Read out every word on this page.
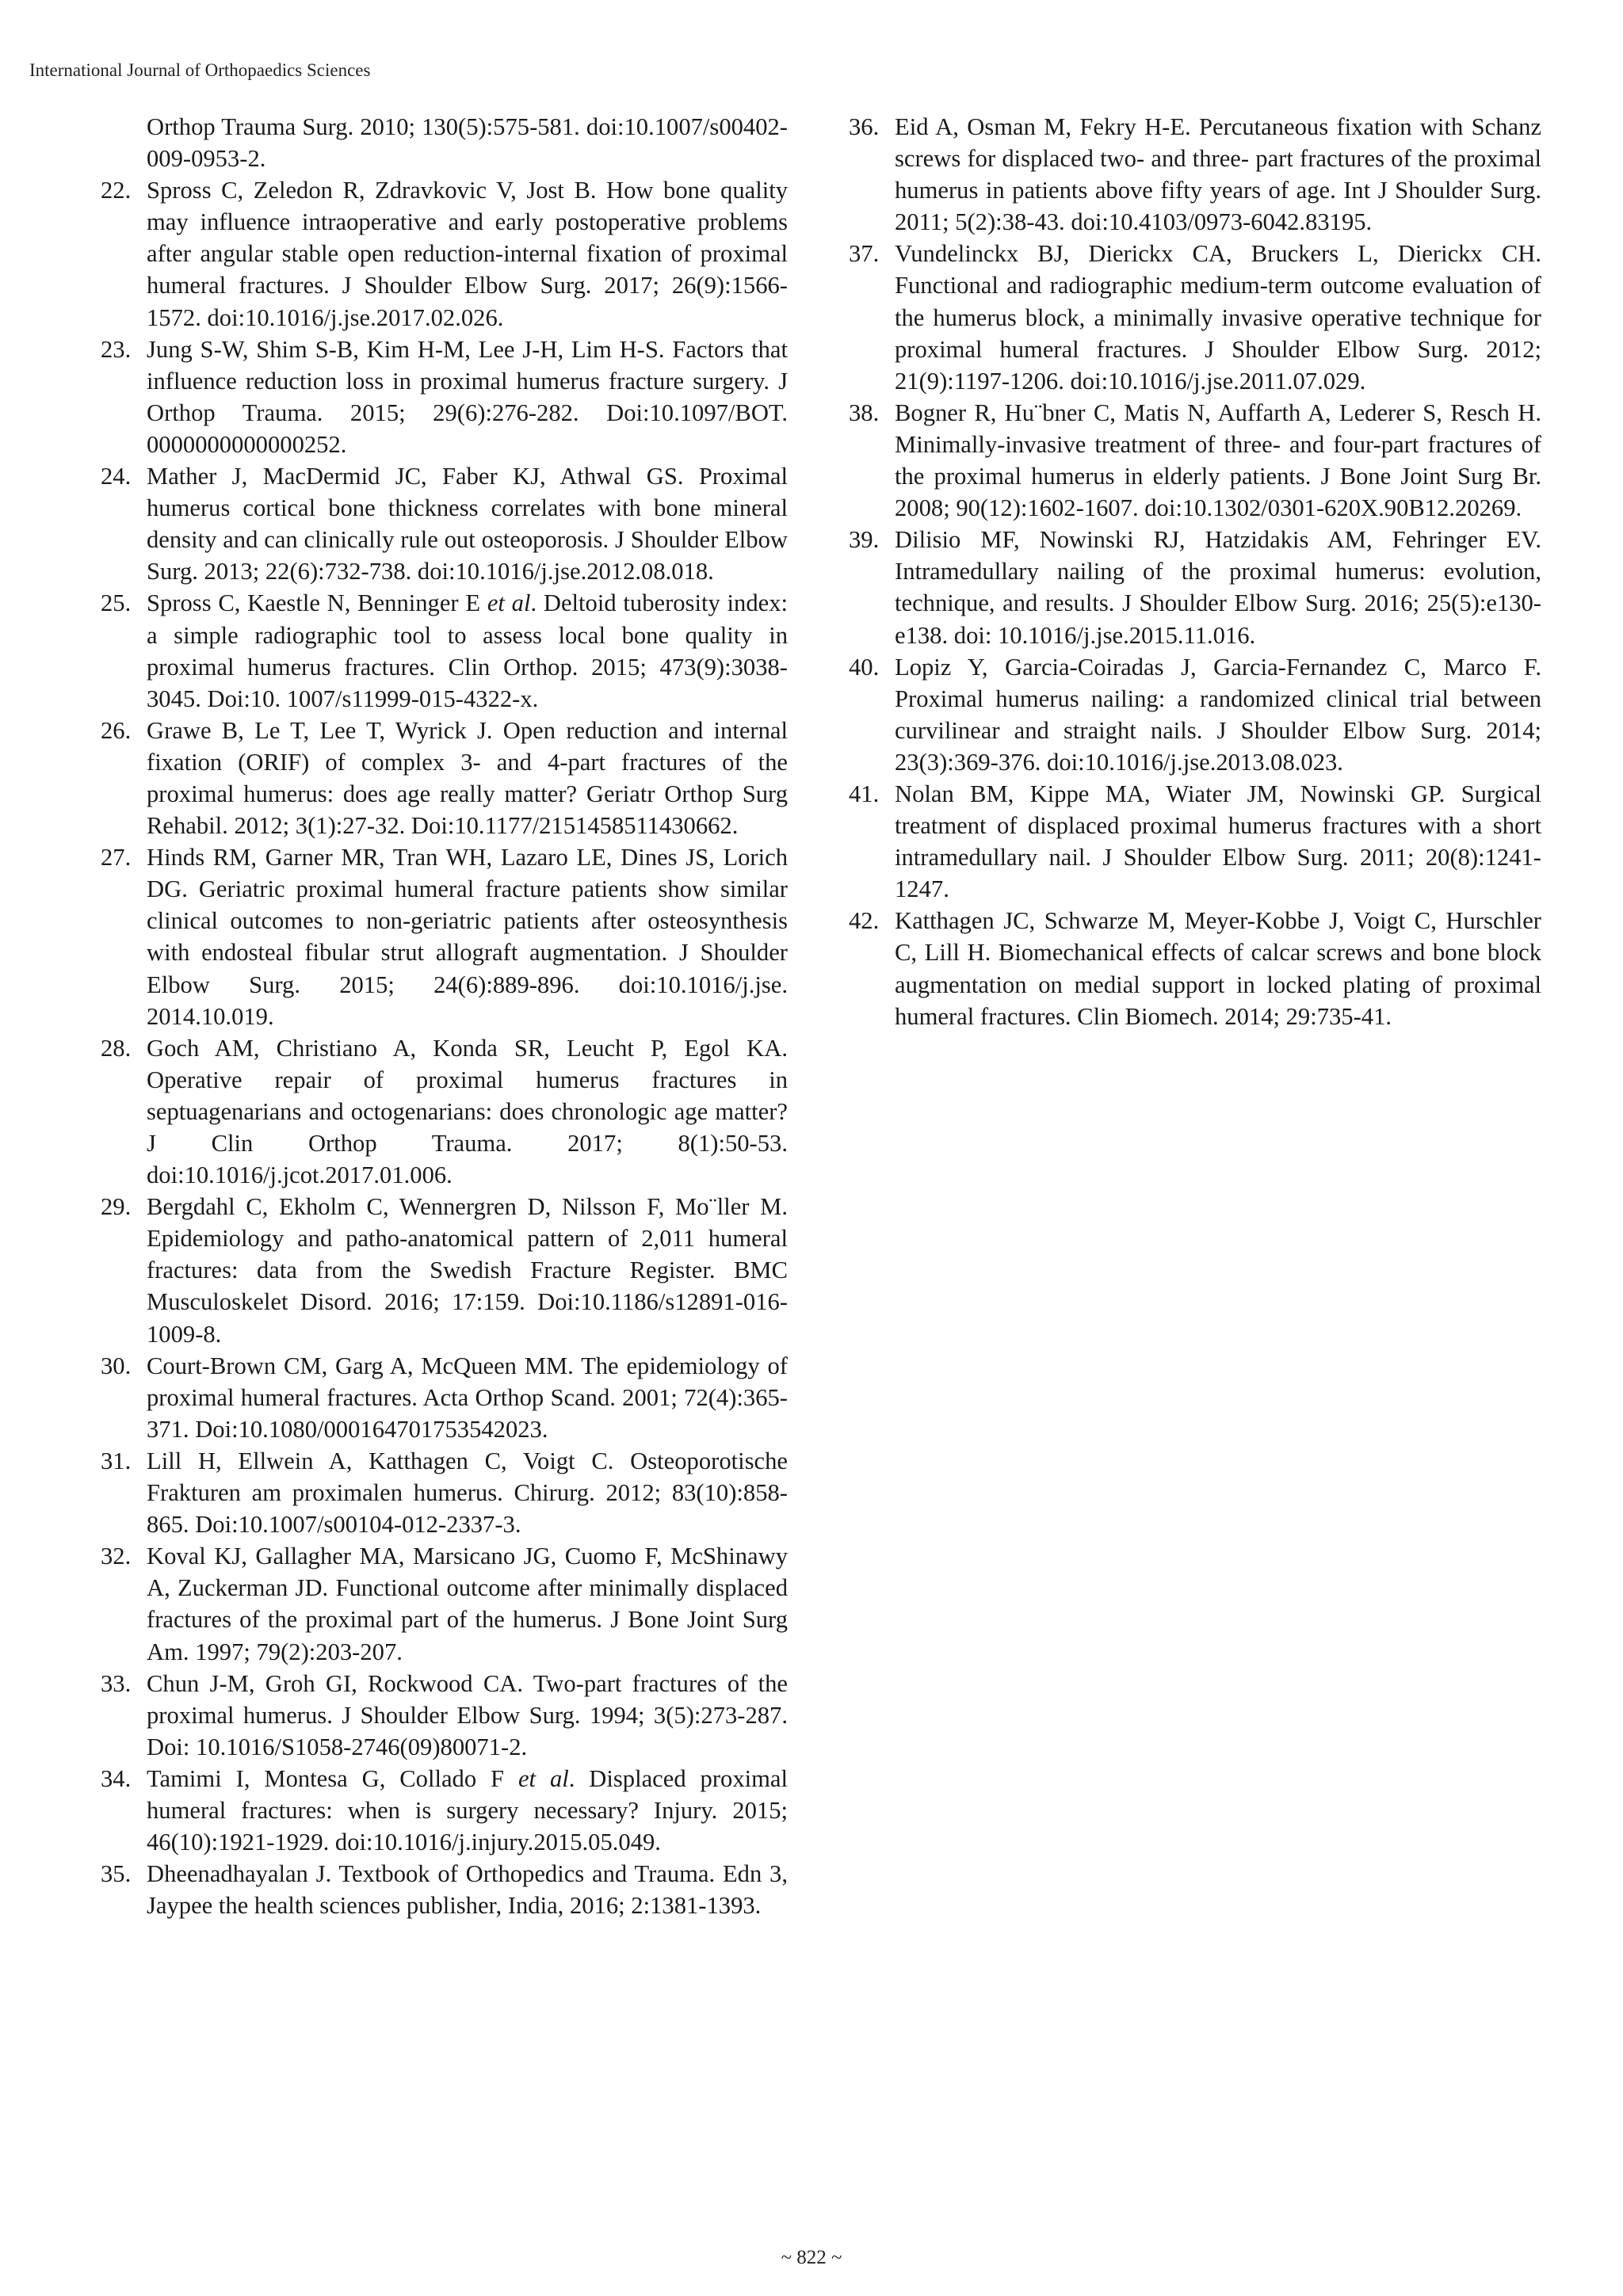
International Journal of Orthopaedics Sciences
Orthop Trauma Surg. 2010; 130(5):575-581. doi:10.1007/s00402-009-0953-2.
22. Spross C, Zeledon R, Zdravkovic V, Jost B. How bone quality may influence intraoperative and early postoperative problems after angular stable open reduction-internal fixation of proximal humeral fractures. J Shoulder Elbow Surg. 2017; 26(9):1566-1572. doi:10.1016/j.jse.2017.02.026.
23. Jung S-W, Shim S-B, Kim H-M, Lee J-H, Lim H-S. Factors that influence reduction loss in proximal humerus fracture surgery. J Orthop Trauma. 2015; 29(6):276-282. Doi:10.1097/BOT. 0000000000000252.
24. Mather J, MacDermid JC, Faber KJ, Athwal GS. Proximal humerus cortical bone thickness correlates with bone mineral density and can clinically rule out osteoporosis. J Shoulder Elbow Surg. 2013; 22(6):732-738. doi:10.1016/j.jse.2012.08.018.
25. Spross C, Kaestle N, Benninger E et al. Deltoid tuberosity index: a simple radiographic tool to assess local bone quality in proximal humerus fractures. Clin Orthop. 2015; 473(9):3038-3045. Doi:10. 1007/s11999-015-4322-x.
26. Grawe B, Le T, Lee T, Wyrick J. Open reduction and internal fixation (ORIF) of complex 3- and 4-part fractures of the proximal humerus: does age really matter? Geriatr Orthop Surg Rehabil. 2012; 3(1):27-32. Doi:10.1177/2151458511430662.
27. Hinds RM, Garner MR, Tran WH, Lazaro LE, Dines JS, Lorich DG. Geriatric proximal humeral fracture patients show similar clinical outcomes to non-geriatric patients after osteosynthesis with endosteal fibular strut allograft augmentation. J Shoulder Elbow Surg. 2015; 24(6):889-896. doi:10.1016/j.jse. 2014.10.019.
28. Goch AM, Christiano A, Konda SR, Leucht P, Egol KA. Operative repair of proximal humerus fractures in septuagenarians and octogenarians: does chronologic age matter? J Clin Orthop Trauma. 2017; 8(1):50-53. doi:10.1016/j.jcot.2017.01.006.
29. Bergdahl C, Ekholm C, Wennergren D, Nilsson F, Mo¨ller M. Epidemiology and patho-anatomical pattern of 2,011 humeral fractures: data from the Swedish Fracture Register. BMC Musculoskelet Disord. 2016; 17:159. Doi:10.1186/s12891-016-1009-8.
30. Court-Brown CM, Garg A, McQueen MM. The epidemiology of proximal humeral fractures. Acta Orthop Scand. 2001; 72(4):365-371. Doi:10.1080/000164701753542023.
31. Lill H, Ellwein A, Katthagen C, Voigt C. Osteoporotische Frakturen am proximalen humerus. Chirurg. 2012; 83(10):858-865. Doi:10.1007/s00104-012-2337-3.
32. Koval KJ, Gallagher MA, Marsicano JG, Cuomo F, McShinawy A, Zuckerman JD. Functional outcome after minimally displaced fractures of the proximal part of the humerus. J Bone Joint Surg Am. 1997; 79(2):203-207.
33. Chun J-M, Groh GI, Rockwood CA. Two-part fractures of the proximal humerus. J Shoulder Elbow Surg. 1994; 3(5):273-287. Doi: 10.1016/S1058-2746(09)80071-2.
34. Tamimi I, Montesa G, Collado F et al. Displaced proximal humeral fractures: when is surgery necessary? Injury. 2015; 46(10):1921-1929. doi:10.1016/j.injury.2015.05.049.
35. Dheenadhayalan J. Textbook of Orthopedics and Trauma. Edn 3, Jaypee the health sciences publisher, India, 2016; 2:1381-1393.
36. Eid A, Osman M, Fekry H-E. Percutaneous fixation with Schanz screws for displaced two- and three- part fractures of the proximal humerus in patients above fifty years of age. Int J Shoulder Surg. 2011; 5(2):38-43. doi:10.4103/0973-6042.83195.
37. Vundelinckx BJ, Dierickx CA, Bruckers L, Dierickx CH. Functional and radiographic medium-term outcome evaluation of the humerus block, a minimally invasive operative technique for proximal humeral fractures. J Shoulder Elbow Surg. 2012; 21(9):1197-1206. doi:10.1016/j.jse.2011.07.029.
38. Bogner R, Hu¨bner C, Matis N, Auffarth A, Lederer S, Resch H. Minimally-invasive treatment of three- and four-part fractures of the proximal humerus in elderly patients. J Bone Joint Surg Br. 2008; 90(12):1602-1607. doi:10.1302/0301-620X.90B12.20269.
39. Dilisio MF, Nowinski RJ, Hatzidakis AM, Fehringer EV. Intramedullary nailing of the proximal humerus: evolution, technique, and results. J Shoulder Elbow Surg. 2016; 25(5):e130-e138. doi: 10.1016/j.jse.2015.11.016.
40. Lopiz Y, Garcia-Coiradas J, Garcia-Fernandez C, Marco F. Proximal humerus nailing: a randomized clinical trial between curvilinear and straight nails. J Shoulder Elbow Surg. 2014; 23(3):369-376. doi:10.1016/j.jse.2013.08.023.
41. Nolan BM, Kippe MA, Wiater JM, Nowinski GP. Surgical treatment of displaced proximal humerus fractures with a short intramedullary nail. J Shoulder Elbow Surg. 2011; 20(8):1241-1247.
42. Katthagen JC, Schwarze M, Meyer-Kobbe J, Voigt C, Hurschler C, Lill H. Biomechanical effects of calcar screws and bone block augmentation on medial support in locked plating of proximal humeral fractures. Clin Biomech. 2014; 29:735-41.
~ 822 ~
